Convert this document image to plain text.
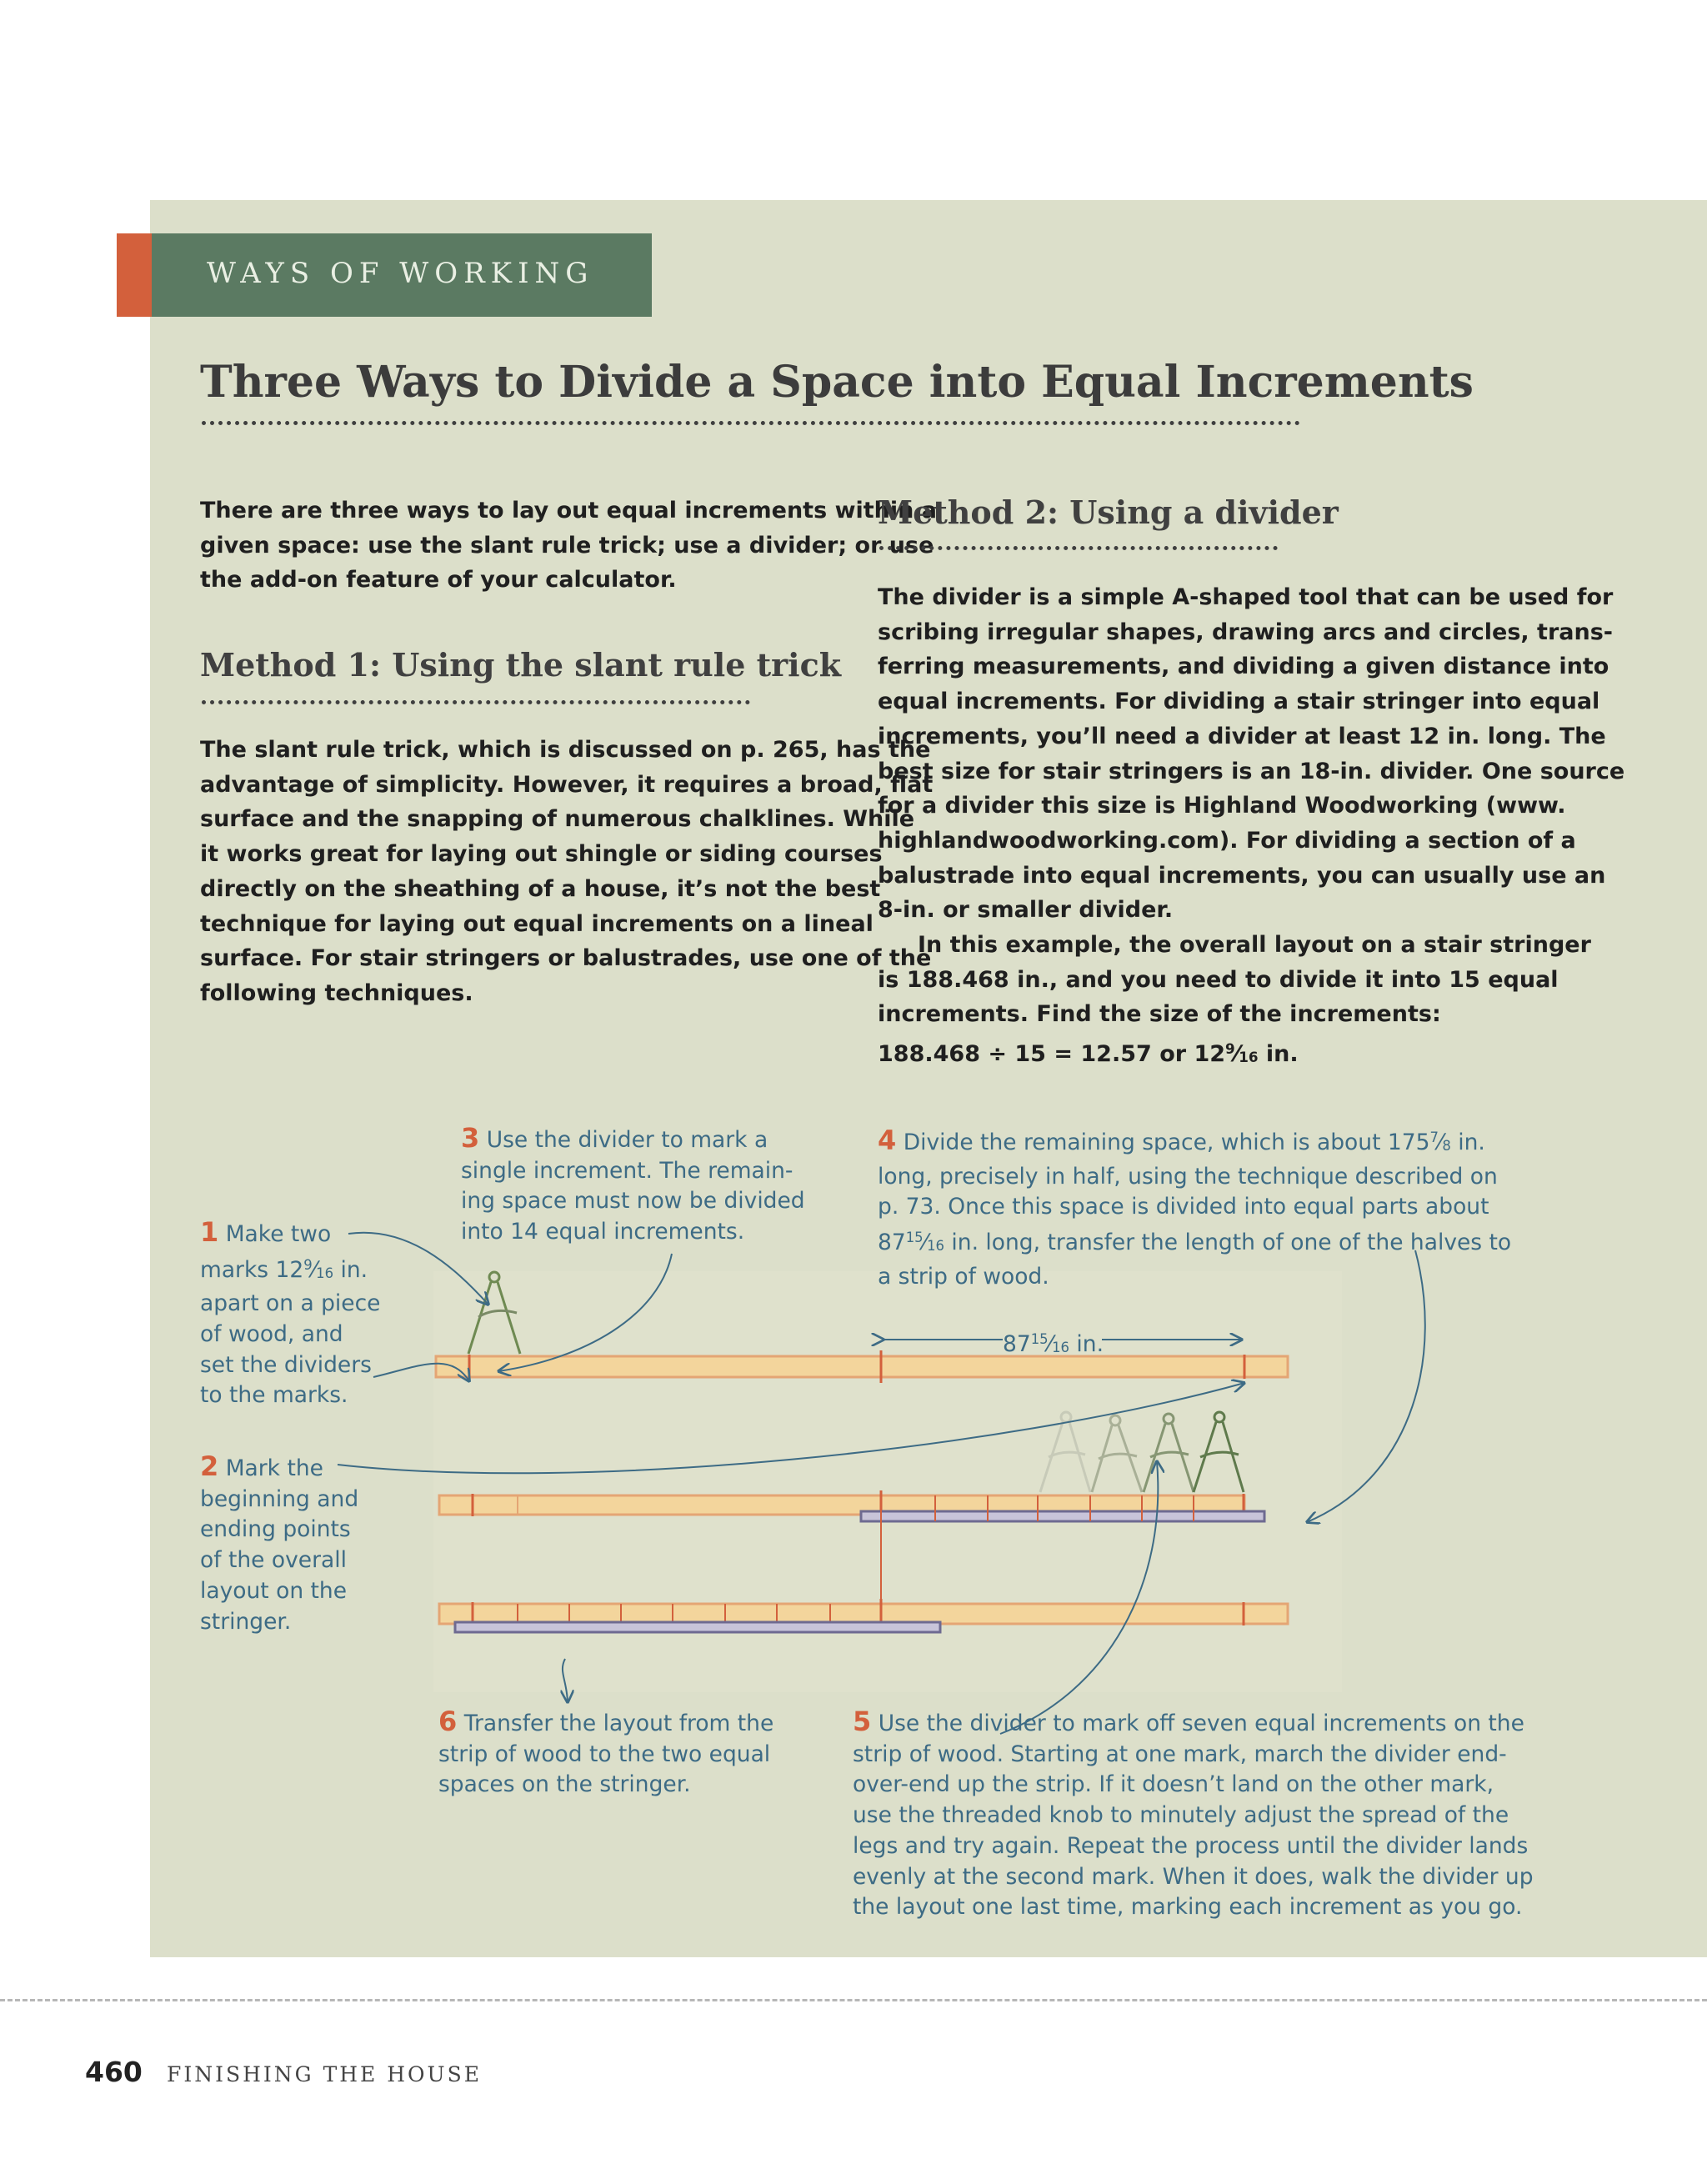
WAYS OF WORKING
Three Ways to Divide a Space into Equal Increments

There are three ways to lay out equal increments within a

given space: use the slant rule trick; use a divider; or use

the add-on feature of your calculator.

Method 1: Using the slant rule trick

The slant rule trick, which is discussed on p. 265, has the

advantage of simplicity. However, it requires a broad, flat

surface and the snapping of numerous chalklines. While

it works great for laying out shingle or siding courses

directly on the sheathing of a house, it’s not the best

technique for laying out equal increments on a lineal

surface. For stair stringers or balustrades, use one of the

following techniques.

Method 2: Using a divider

The divider is a simple A-shaped tool that can be used for

scribing irregular shapes, drawing arcs and circles, trans-

ferring measurements, and dividing a given distance into

equal increments. For dividing a stair stringer into equal

increments, you’ll need a divider at least 12 in. long. The

best size for stair stringers is an 18-in. divider. One source

for a divider this size is Highland Woodworking (www.

highlandwoodworking.com). For dividing a section of a

balustrade into equal increments, you can usually use an

8-in. or smaller divider.

In this example, the overall layout on a stair stringer

is 188.468 in., and you need to divide it into 15 equal

increments. Find the size of the increments:

188.468 ÷ 15 = 12.57 or $12^9⁄_{16}$ in.

$87^{15}⁄_{16}$ in.

1 Make two

marks $12^9⁄_{16}$ in.

apart on a piece

of wood, and

set the dividers

to the marks.

2 Mark the

beginning and

ending points

of the overall

layout on the

stringer.

3 Use the divider to mark a

single increment. The remain-

ing space must now be divided

into 14 equal increments.

4 Divide the remaining space, which is about $175^7⁄_8$ in.

long, precisely in half, using the technique described on

p. 73. Once this space is divided into equal parts about

$87^{15}⁄_{16}$ in. long, transfer the length of one of the halves to

a strip of wood.

5 Use the divider to mark off seven equal increments on the

strip of wood. Starting at one mark, march the divider end-

over-end up the strip. If it doesn’t land on the other mark,

use the threaded knob to minutely adjust the spread of the

legs and try again. Repeat the process until the divider lands

evenly at the second mark. When it does, walk the divider up

the layout one last time, marking each increment as you go.

6 Transfer the layout from the

strip of wood to the two equal

spaces on the stringer.

460 FINISHING THE HOUSE
